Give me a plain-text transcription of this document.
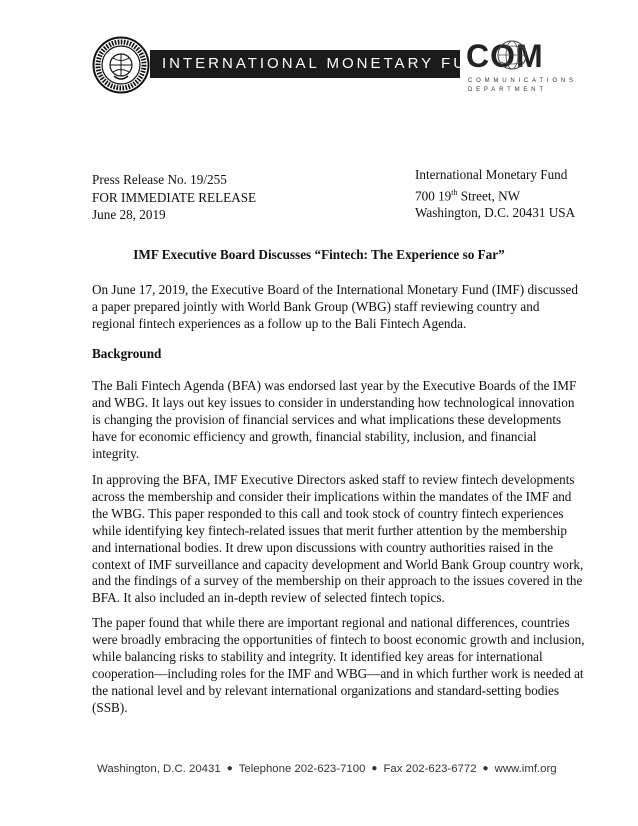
INTERNATIONAL MONETARY FUND
COM
COMMUNICATIONS
DEPARTMENT
Press Release No. 19/255
FOR IMMEDIATE RELEASE
June 28, 2019
International Monetary Fund
700 19th Street, NW
Washington, D.C. 20431 USA
IMF Executive Board Discusses “Fintech: The Experience so Far”
On June 17, 2019, the Executive Board of the International Monetary Fund (IMF) discussed
a paper prepared jointly with World Bank Group (WBG) staff reviewing country and
regional fintech experiences as a follow up to the Bali Fintech Agenda.
Background
The Bali Fintech Agenda (BFA) was endorsed last year by the Executive Boards of the IMF
and WBG. It lays out key issues to consider in understanding how technological innovation
is changing the provision of financial services and what implications these developments
have for economic efficiency and growth, financial stability, inclusion, and financial
integrity.
In approving the BFA, IMF Executive Directors asked staff to review fintech developments
across the membership and consider their implications within the mandates of the IMF and
the WBG. This paper responded to this call and took stock of country fintech experiences
while identifying key fintech-related issues that merit further attention by the membership
and international bodies. It drew upon discussions with country authorities raised in the
context of IMF surveillance and capacity development and World Bank Group country work,
and the findings of a survey of the membership on their approach to the issues covered in the
BFA. It also included an in-depth review of selected fintech topics.
The paper found that while there are important regional and national differences, countries
were broadly embracing the opportunities of fintech to boost economic growth and inclusion,
while balancing risks to stability and integrity. It identified key areas for international
cooperation—including roles for the IMF and WBG—and in which further work is needed at
the national level and by relevant international organizations and standard-setting bodies
(SSB).
Washington, D.C. 20431 ● Telephone 202-623-7100 ● Fax 202-623-6772 ● www.imf.org
